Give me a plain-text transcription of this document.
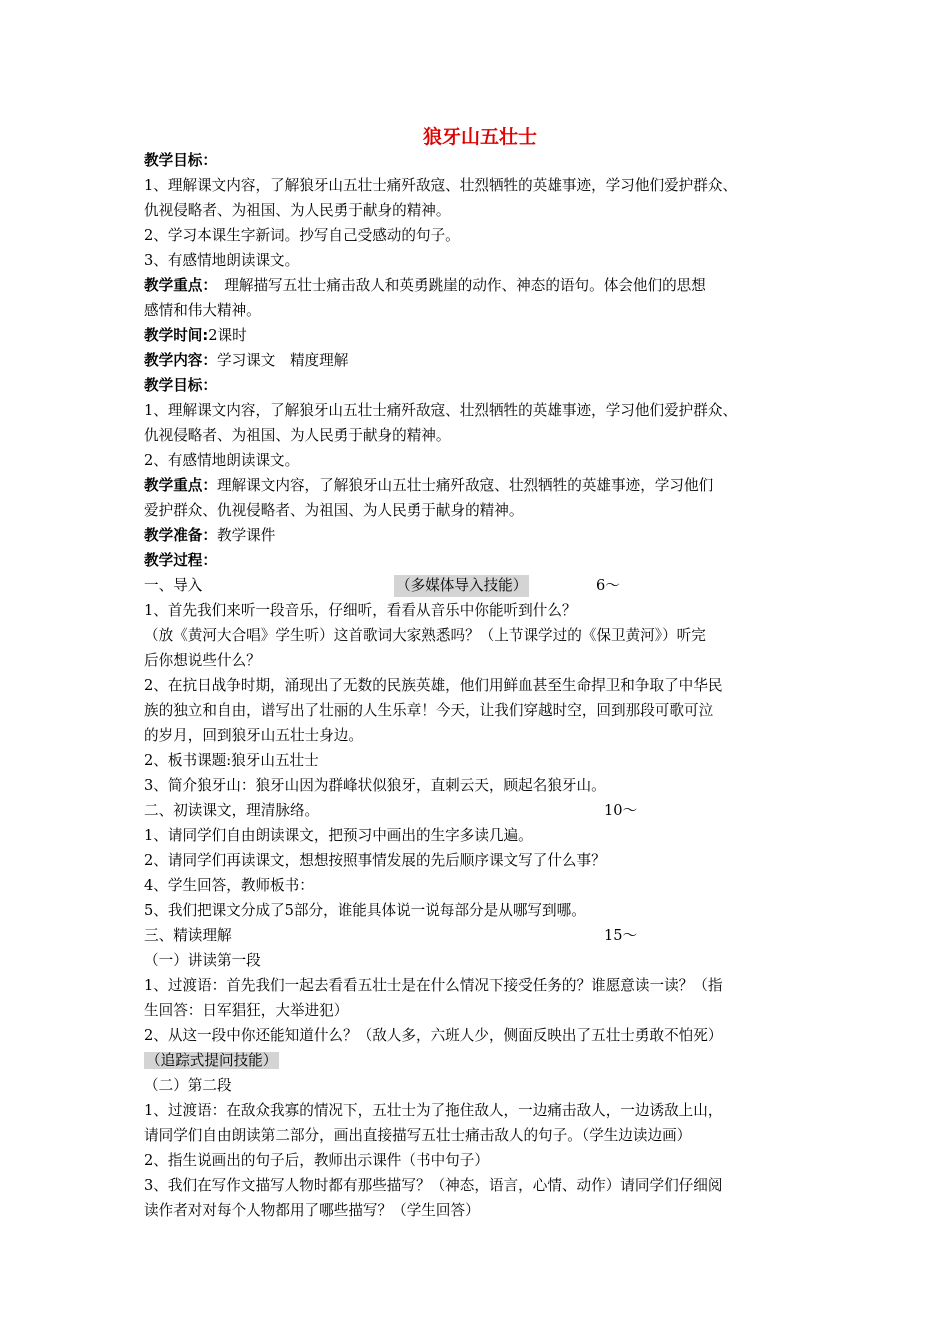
狼牙山五壮士
教学目标：
1、理解课文内容，了解狼牙山五壮士痛歼敌寇、壮烈牺牲的英雄事迹，学习他们爱护群众、
仇视侵略者、为祖国、为人民勇于献身的精神。
2、学习本课生字新词。抄写自己受感动的句子。
3、有感情地朗读课文。
教学重点：　理解描写五壮士痛击敌人和英勇跳崖的动作、神态的语句。体会他们的思想
感情和伟大精神。
教学时间:2课时
教学内容：学习课文　精度理解
教学目标：
1、理解课文内容，了解狼牙山五壮士痛歼敌寇、壮烈牺牲的英雄事迹，学习他们爱护群众、
仇视侵略者、为祖国、为人民勇于献身的精神。
2、有感情地朗读课文。
教学重点：理解课文内容，了解狼牙山五壮士痛歼敌寇、壮烈牺牲的英雄事迹，学习他们
爱护群众、仇视侵略者、为祖国、为人民勇于献身的精神。
教学准备：教学课件
教学过程：
一、导入	（多媒体导入技能）	6～
1、首先我们来听一段音乐，仔细听，看看从音乐中你能听到什么？
（放《黄河大合唱》学生听）这首歌词大家熟悉吗？（上节课学过的《保卫黄河》）听完
后你想说些什么？
2、在抗日战争时期，涌现出了无数的民族英雄，他们用鲜血甚至生命捍卫和争取了中华民
族的独立和自由，谱写出了壮丽的人生乐章！今天，让我们穿越时空，回到那段可歌可泣
的岁月，回到狼牙山五壮士身边。
2、板书课题:狼牙山五壮士
3、简介狼牙山：狼牙山因为群峰状似狼牙，直刺云天，顾起名狼牙山。
二、初读课文，理清脉络。	10～
1、请同学们自由朗读课文，把预习中画出的生字多读几遍。
2、请同学们再读课文，想想按照事情发展的先后顺序课文写了什么事？
4、学生回答，教师板书：
5、我们把课文分成了5部分，谁能具体说一说每部分是从哪写到哪。
三、精读理解	15～
（一）讲读第一段
1、过渡语：首先我们一起去看看五壮士是在什么情况下接受任务的？谁愿意读一读？（指
生回答：日军猖狂，大举进犯）
2、从这一段中你还能知道什么？（敌人多，六班人少，侧面反映出了五壮士勇敢不怕死）
（追踪式提问技能）
（二）第二段
1、过渡语：在敌众我寡的情况下，五壮士为了拖住敌人，一边痛击敌人，一边诱敌上山，
请同学们自由朗读第二部分，画出直接描写五壮士痛击敌人的句子。（学生边读边画）
2、指生说画出的句子后，教师出示课件（书中句子）
3、我们在写作文描写人物时都有那些描写？（神态，语言，心情、动作）请同学们仔细阅
读作者对对每个人物都用了哪些描写？（学生回答）
